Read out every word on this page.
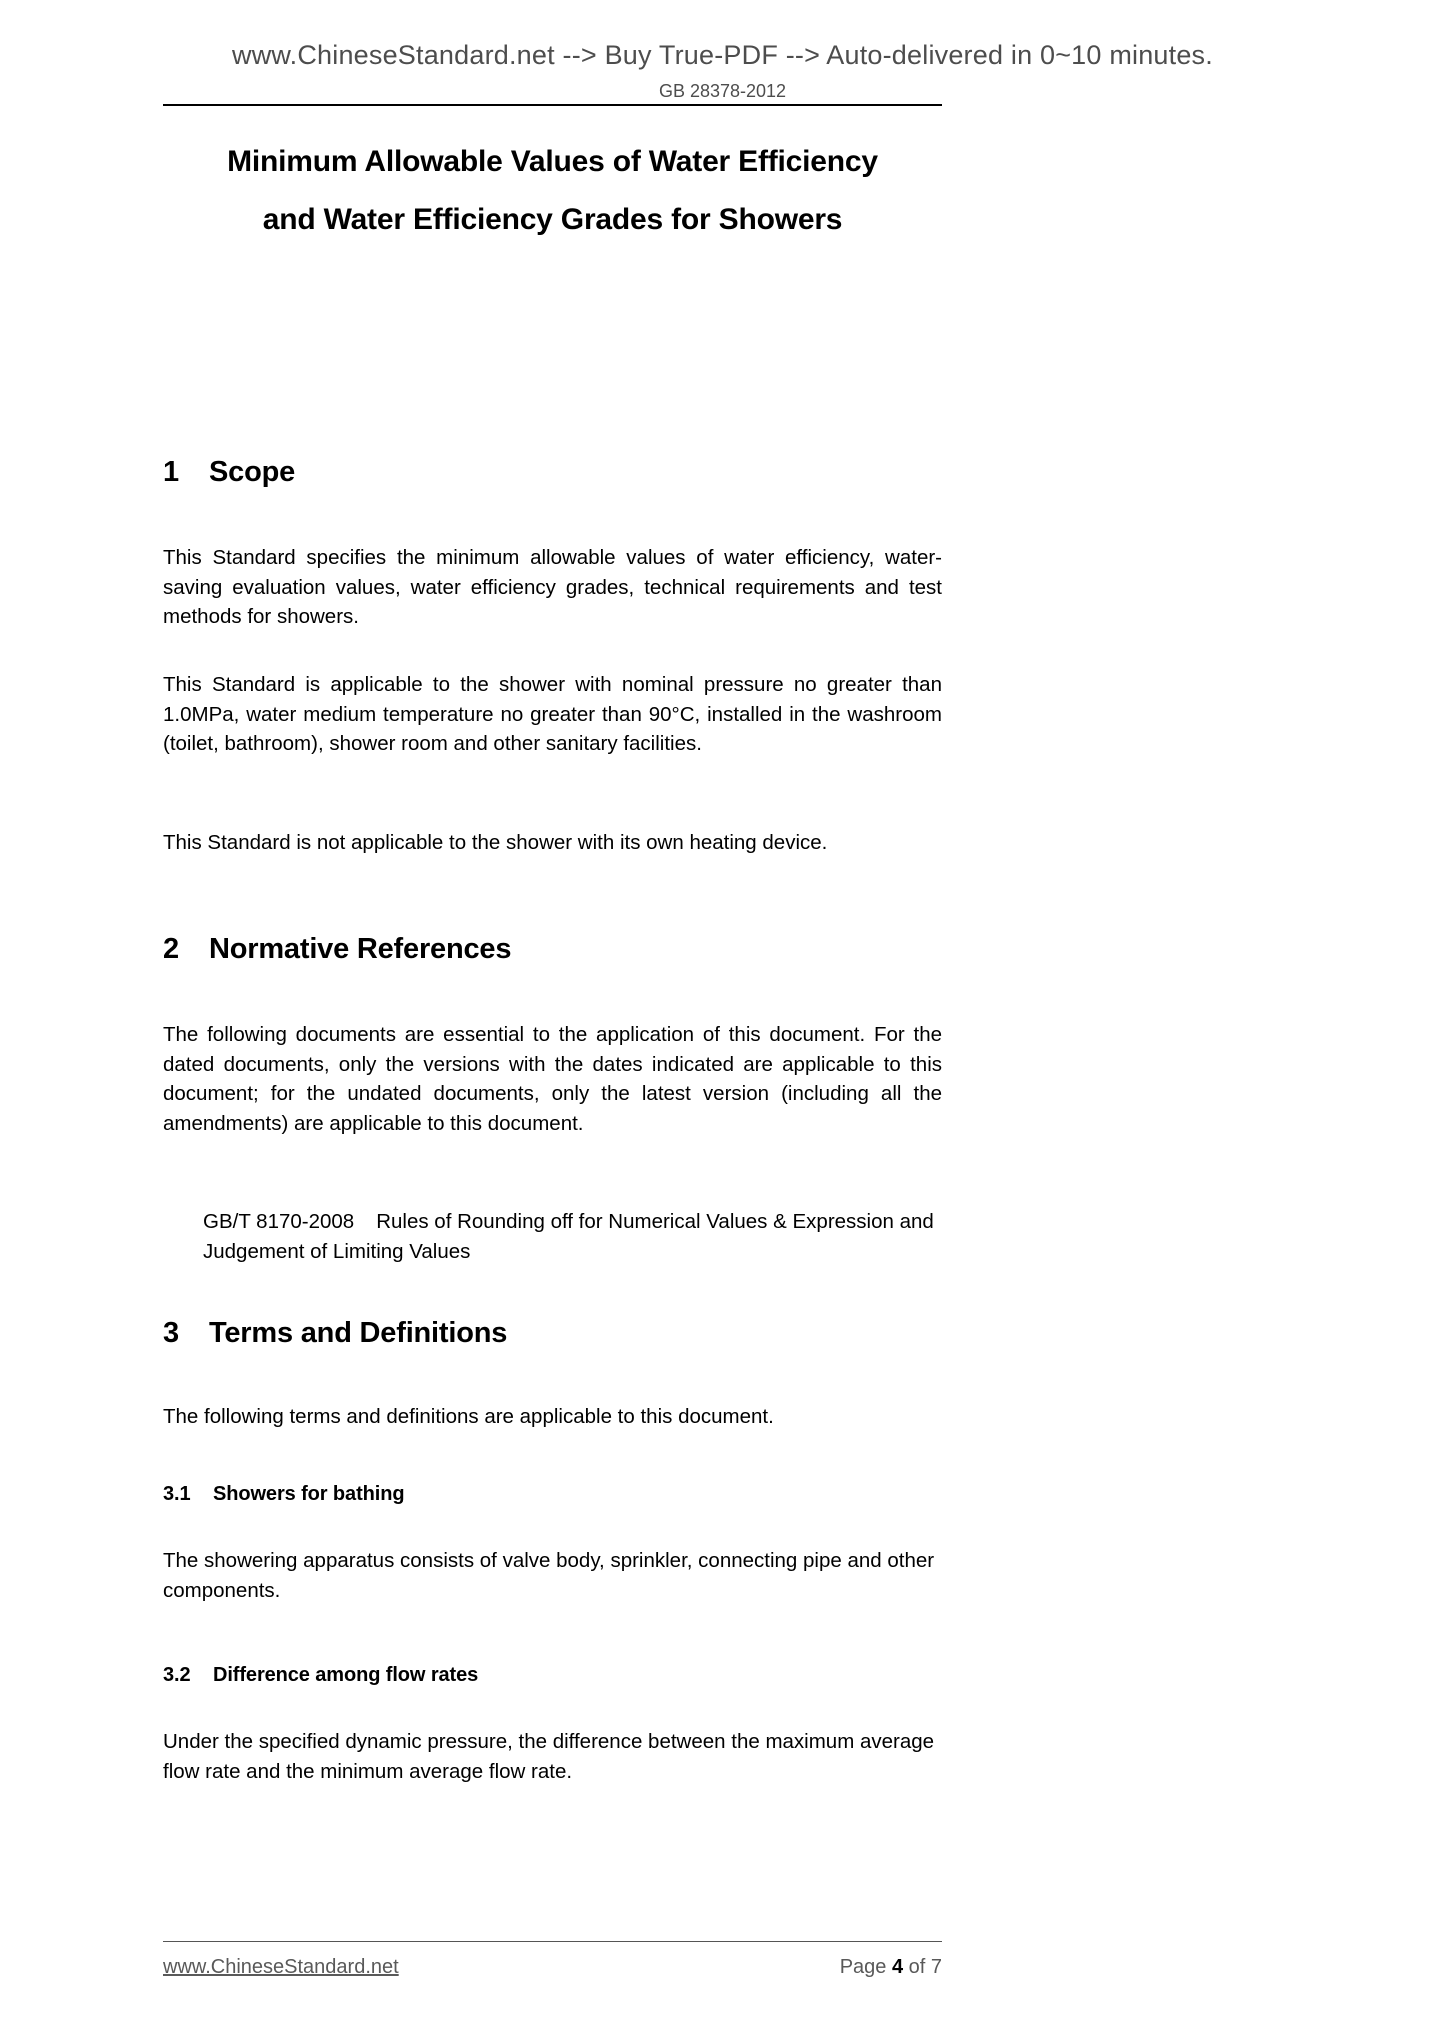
www.ChineseStandard.net --> Buy True-PDF --> Auto-delivered in 0~10 minutes.
GB 28378-2012
Minimum Allowable Values of Water Efficiency
and Water Efficiency Grades for Showers
1 Scope

This Standard specifies the minimum allowable values of water efficiency, water-saving evaluation values, water efficiency grades, technical requirements and test methods for showers.

This Standard is applicable to the shower with nominal pressure no greater than 1.0MPa, water medium temperature no greater than 90°C, installed in the washroom (toilet, bathroom), shower room and other sanitary facilities.

This Standard is not applicable to the shower with its own heating device.

2 Normative References

The following documents are essential to the application of this document. For the dated documents, only the versions with the dates indicated are applicable to this document; for the undated documents, only the latest version (including all the amendments) are applicable to this document.

GB/T 8170-2008 Rules of Rounding off for Numerical Values & Expression and Judgement of Limiting Values

3 Terms and Definitions

The following terms and definitions are applicable to this document.

3.1 Showers for bathing

The showering apparatus consists of valve body, sprinkler, connecting pipe and other components.

3.2 Difference among flow rates

Under the specified dynamic pressure, the difference between the maximum average flow rate and the minimum average flow rate.

www.ChineseStandard.net	Page 4 of 7
